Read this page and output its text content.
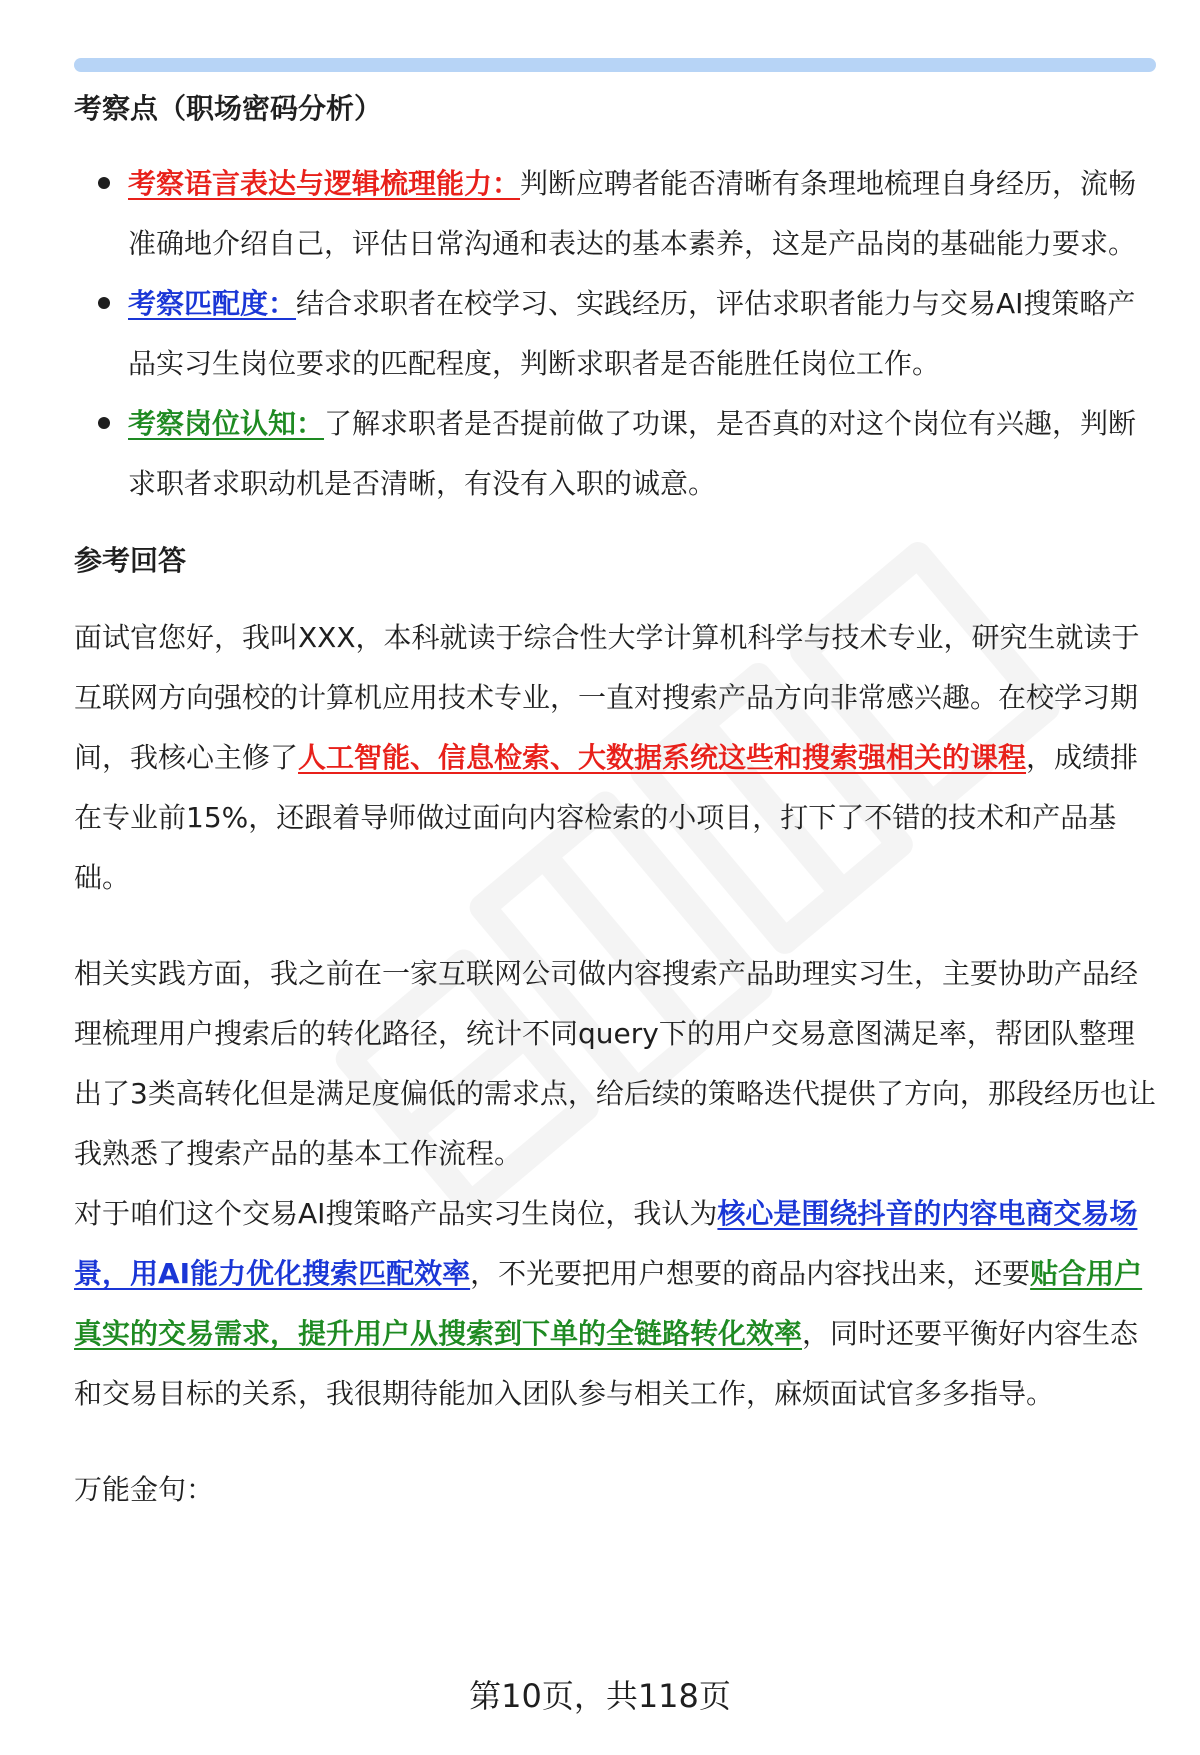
考察点（职场密码分析）
考察语言表达与逻辑梳理能力：判断应聘者能否清晰有条理地梳理自身经历，流畅准确地介绍自己，评估日常沟通和表达的基本素养，这是产品岗的基础能力要求。
考察匹配度：结合求职者在校学习、实践经历，评估求职者能力与交易AI搜策略产品实习生岗位要求的匹配程度，判断求职者是否能胜任岗位工作。
考察岗位认知：了解求职者是否提前做了功课，是否真的对这个岗位有兴趣，判断求职者求职动机是否清晰，有没有入职的诚意。
参考回答

面试官您好，我叫XXX，本科就读于综合性大学计算机科学与技术专业，研究生就读于互联网方向强校的计算机应用技术专业，一直对搜索产品方向非常感兴趣。在校学习期间，我核心主修了人工智能、信息检索、大数据系统这些和搜索强相关的课程，成绩排在专业前15%，还跟着导师做过面向内容检索的小项目，打下了不错的技术和产品基础。

相关实践方面，我之前在一家互联网公司做内容搜索产品助理实习生，主要协助产品经理梳理用户搜索后的转化路径，统计不同query下的用户交易意图满足率，帮团队整理出了3类高转化但是满足度偏低的需求点，给后续的策略迭代提供了方向，那段经历也让我熟悉了搜索产品的基本工作流程。

对于咱们这个交易AI搜策略产品实习生岗位，我认为核心是围绕抖音的内容电商交易场景，用AI能力优化搜索匹配效率，不光要把用户想要的商品内容找出来，还要贴合用户真实的交易需求，提升用户从搜索到下单的全链路转化效率，同时还要平衡好内容生态和交易目标的关系，我很期待能加入团队参与相关工作，麻烦面试官多多指导。

万能金句：

第10页，共118页
